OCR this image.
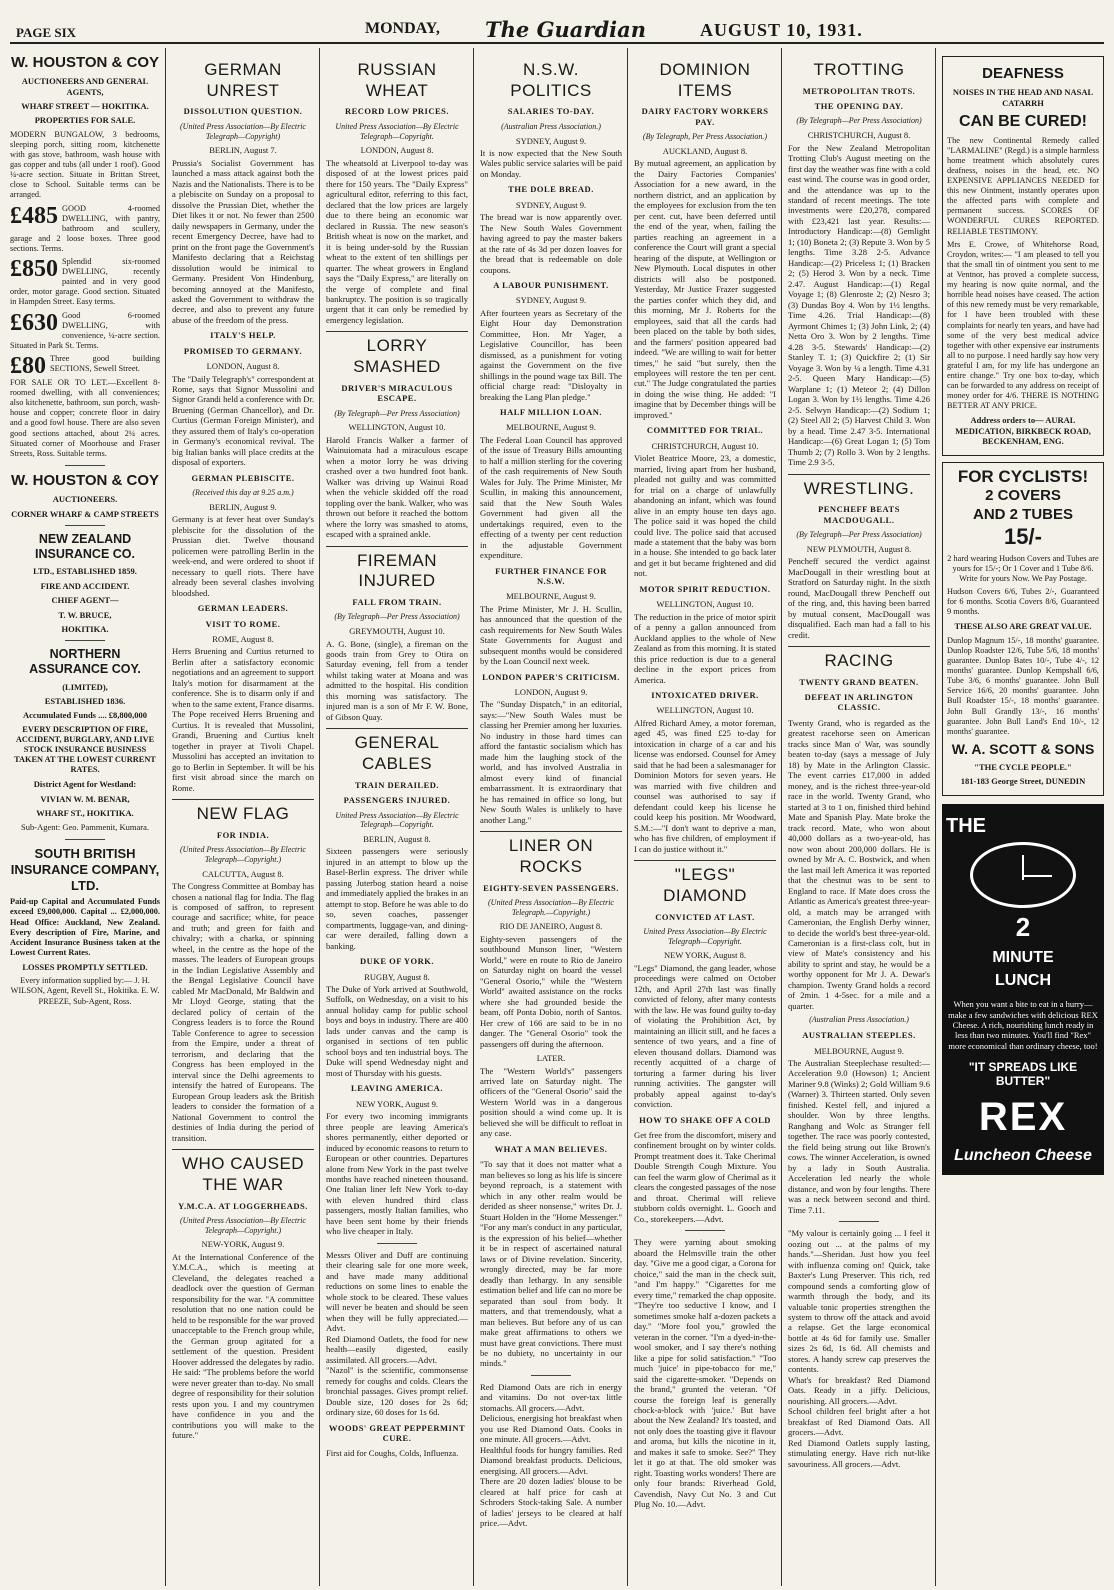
PAGE SIX	MONDAY, The Guardian	AUGUST 10, 1931.
W. HOUSTON & COY
AUCTIONEERS AND GENERAL AGENTS,
WHARF STREET — HOKITIKA.
PROPERTIES FOR SALE.

MODERN BUNGALOW, 3 bedrooms, sleeping porch, sitting room, kitchenette with gas stove, bathroom, wash house with gas copper and tubs (all under 1 roof). Good ¼-acre section. Situate in Brittan Street, close to School. Suitable terms can be arranged.

£485 GOOD 4-roomed DWELLING, with pantry, bathroom and scullery, garage and 2 loose boxes. Three good sections. Terms.

£850 Splendid six-roomed DWELLING, recently painted and in very good order, motor garage. Good section. Situated in Hampden Street. Easy terms.

£630 Good 6-roomed DWELLING, with convenience, ¼-acre section. Situated in Park St. Terms.

£80 Three good building SECTIONS, Sewell Street.

FOR SALE OR TO LET.—Excellent 8-roomed dwelling, with all conveniences; also kitchenette, bathroom, sun porch, wash-house and copper; concrete floor in dairy and a good fowl house. There are also seven good sections attached, about 2¼ acres. Situated corner of Moorhouse and Fraser Streets, Ross. Suitable terms.

W. HOUSTON & COY
AUCTIONEERS.
CORNER WHARF & CAMP STREETS
NEW ZEALAND INSURANCE CO.
LTD., ESTABLISHED 1859.
FIRE AND ACCIDENT.
CHIEF AGENT—
T. W. BRUCE,
HOKITIKA.
NORTHERN ASSURANCE COY.
(LIMITED),
ESTABLISHED 1836.
Accumulated Funds .... £8,800,000

EVERY DESCRIPTION OF FIRE, ACCIDENT, BURGLARY, AND LIVE STOCK INSURANCE BUSINESS TAKEN AT THE LOWEST CURRENT RATES.

District Agent for Westland:
VIVIAN W. M. BENAR,
WHARF ST., HOKITIKA.
Sub-Agent: Geo. Pammenit, Kumara.
SOUTH BRITISH INSURANCE COMPANY, LTD.

Paid-up Capital and Accumulated Funds exceed £9,000,000. Capital ... £2,000,000. Head Office: Auckland, New Zealand. Every description of Fire, Marine, and Accident Insurance Business taken at the Lowest Current Rates.

LOSSES PROMPTLY SETTLED.

Every information supplied by:— J. H. WILSON, Agent, Revell St., Hokitika. E. W. PREEZE, Sub-Agent, Ross.

GERMAN UNREST
DISSOLUTION QUESTION.
(United Press Association—By Electric Telegraph—Copyright)
BERLIN, August 7.

Prussia's Socialist Government has launched a mass attack against both the Nazis and the Nationalists. There is to be a plebiscite on Sunday on a proposal to dissolve the Prussian Diet, whether the Diet likes it or not. No fewer than 2500 daily newspapers in Germany, under the recent Emergency Decree, have had to print on the front page the Government's Manifesto declaring that a Reichstag dissolution would be inimical to Germany. President Von Hindenburg, becoming annoyed at the Manifesto, asked the Government to withdraw the decree, and also to prevent any future abuse of the freedom of the press.

ITALY'S HELP.
PROMISED TO GERMANY.
LONDON, August 8.

The "Daily Telegraph's" correspondent at Rome, says that Signor Mussolini and Signor Grandi held a conference with Dr. Bruening (German Chancellor), and Dr. Curtius (German Foreign Minister), and they assured them of Italy's co-operation in Germany's economical revival. The big Italian banks will place credits at the disposal of exporters.

GERMAN PLEBISCITE.
(Received this day at 9.25 a.m.)
BERLIN, August 9.

Germany is at fever heat over Sunday's plebiscite for the dissolution of the Prussian diet. Twelve thousand policemen were patrolling Berlin in the week-end, and were ordered to shoot if necessary to quell riots. There have already been several clashes involving bloodshed.

GERMAN LEADERS.
VISIT TO ROME.
ROME, August 8.

Herrs Bruening and Curtius returned to Berlin after a satisfactory economic negotiations and an agreement to support Italy's motion for disarmament at the conference. She is to disarm only if and when to the same extent, France disarms. The Pope received Herrs Bruening and Curtius. It is revealed that Mussolini, Grandi, Bruening and Curtius knelt together in prayer at Tivoli Chapel. Mussolini has accepted an invitation to go to Berlin in September. It will be his first visit abroad since the march on Rome.

NEW FLAG
FOR INDIA.
(United Press Association—By Electric Telegraph—Copyright.)
CALCUTTA, August 8.

The Congress Committee at Bombay has chosen a national flag for India. The flag is composed of saffron, to represent courage and sacrifice; white, for peace and truth; and green for faith and chivalry; with a charka, or spinning wheel, in the centre as the hope of the masses. The leaders of European groups in the Indian Legislative Assembly and the Bengal Legislative Council have cabled Mr MacDonald, Mr Baldwin and Mr Lloyd George, stating that the declared policy of certain of the Congress leaders is to force the Round Table Conference to agree to secession from the Empire, under a threat of terrorism, and declaring that the Congress has been employed in the interval since the Delhi agreements to intensify the hatred of Europeans. The European Group leaders ask the British leaders to consider the formation of a National Government to control the destinies of India during the period of transition.

WHO CAUSED THE WAR
Y.M.C.A. AT LOGGERHEADS.
(United Press Association—By Electric Telegraph—Copyright.)
NEW-YORK, August 9.

At the International Conference of the Y.M.C.A., which is meeting at Cleveland, the delegates reached a deadlock over the question of German responsibility for the war. "A committee resolution that no one nation could be held to be responsible for the war proved unacceptable to the French group while, the German group agitated for a settlement of the question. President Hoover addressed the delegates by radio. He said: "The problems before the world were never greater than to-day. No small degree of responsibility for their solution rests upon you. I and my countrymen have confidence in you and the contributions you will make to the future."

RUSSIAN WHEAT
RECORD LOW PRICES.
United Press Association—By Electric Telegraph—Copyright.
LONDON, August 8.

The wheatsold at Liverpool to-day was disposed of at the lowest prices paid there for 150 years. The "Daily Express" agricultural editor, referring to this fact, declared that the low prices are largely due to there being an economic war declared in Russia. The new season's British wheat is now on the market, and it is being under-sold by the Russian wheat to the extent of ten shillings per quarter. The wheat growers in England says the "Daily Express," are literally on the verge of complete and final bankruptcy. The position is so tragically urgent that it can only be remedied by emergency legislation.

LORRY SMASHED
DRIVER'S MIRACULOUS ESCAPE.
(By Telegraph—Per Press Association)
WELLINGTON, August 10.

Harold Francis Walker a farmer of Wainuiomata had a miraculous escape when a motor lorry he was driving crashed over a two hundred foot bank. Walker was driving up Wainui Road when the vehicle skidded off the road toppling over the bank. Walker, who was thrown out before it reached the bottom where the lorry was smashed to atoms, escaped with a sprained ankle.

FIREMAN INJURED
FALL FROM TRAIN.
(By Telegraph—Per Press Association)
GREYMOUTH, August 10.

A. G. Bone, (single), a fireman on the goods train from Grey to Otira on Saturday evening, fell from a tender whilst taking water at Moana and was admitted to the hospital. His condition this morning was satisfactory. The injured man is a son of Mr F. W. Bone, of Gibson Quay.

GENERAL CABLES
TRAIN DERAILED.
PASSENGERS INJURED.
United Press Association—By Electric Telegraph—Copyright.
BERLIN, August 8.

Sixteen passengers were seriously injured in an attempt to blow up the Basel-Berlin express. The driver while passing Juterbog station heard a noise and immediately applied the brakes in an attempt to stop. Before he was able to do so, seven coaches, passenger compartments, luggage-van, and dining-car were derailed, falling down a banking.

DUKE OF YORK.
RUGBY, August 8.

The Duke of York arrived at Southwold, Suffolk, on Wednesday, on a visit to his annual holiday camp for public school boys and boys in industry. There are 400 lads under canvas and the camp is organised in sections of ten public school boys and ten industrial boys. The Duke will spend Wednesday night and most of Thursday with his guests.

LEAVING AMERICA.
NEW YORK, August 9.

For every two incoming immigrants three people are leaving America's shores permanently, either deported or induced by economic reasons to return to European or other countries. Departures alone from New York in the past twelve months have reached nineteen thousand. One Italian liner left New York to-day with eleven hundred third class passengers, mostly Italian families, who have been sent home by their friends who live cheaper in Italy.

Messrs Oliver and Duff are continuing their clearing sale for one more week, and have made many additional reductions on some lines to enable the whole stock to be cleared. These values will never be beaten and should be seen when they will be fully appreciated.—Advt.

Red Diamond Oatlets, the food for new health—easily digested, easily assimilated. All grocers.—Advt.

"Nazol" is the scientific, commonsense remedy for coughs and colds. Clears the bronchial passages. Gives prompt relief. Double size, 120 doses for 2s 6d; ordinary size, 60 doses for 1s 6d.

WOODS' GREAT PEPPERMINT CURE.

First aid for Coughs, Colds, Influenza.

N.S.W. POLITICS
SALARIES TO-DAY.
(Australian Press Association.)
SYDNEY, August 9.

It is now expected that the New South Wales public service salaries will be paid on Monday.

THE DOLE BREAD.
SYDNEY, August 9.

The bread war is now apparently over. The New South Wales Government having agreed to pay the master bakers at the rate of 4s 3d per dozen loaves for the bread that is redeemable on dole coupons.

A LABOUR PUNISHMENT.
SYDNEY, August 9.

After fourteen years as Secretary of the Eight Hour day Demonstration Committee, Hon. Mr Yager, a Legislative Councillor, has been dismissed, as a punishment for voting against the Government on the five shillings in the pound wage tax Bill. The official charge read: "Disloyalty in breaking the Lang Plan pledge."

HALF MILLION LOAN.
MELBOURNE, August 9.

The Federal Loan Council has approved of the issue of Treasury Bills amounting to half a million sterling for the covering of the cash requirements of New South Wales for July. The Prime Minister, Mr Scullin, in making this announcement, said that the New South Wales Government had given all the undertakings required, even to the effecting of a twenty per cent reduction in the adjustable Government expenditure.

FURTHER FINANCE FOR N.S.W.
MELBOURNE, August 9.

The Prime Minister, Mr J. H. Scullin, has announced that the question of the cash requirements for New South Wales State Governments for August and subsequent months would be considered by the Loan Council next week.

LONDON PAPER'S CRITICISM.
LONDON, August 9.

The "Sunday Dispatch," in an editorial, says:—"New South Wales must be classing her Premier among her luxuries. No industry in those hard times can afford the fantastic socialism which has made him the laughing stock of the world, and has involved Australia in almost every kind of financial embarrassment. It is extraordinary that he has remained in office so long, but New South Wales is unlikely to have another Lang."

LINER ON ROCKS
EIGHTY-SEVEN PASSENGERS.
(United Press Association—By Electric Telegraph.—Copyright.)
RIO DE JANEIRO, August 8.

Eighty-seven passengers of the southbound Munson liner, "Western World," were en route to Rio de Janeiro on Saturday night on board the vessel "General Osorio," while the "Western World" awaited assistance on the rocks where she had grounded beside the beam, off Ponta Dobio, north of Santos. Her crew of 166 are said to be in no danger. The "General Osorio" took the passengers off during the afternoon.

LATER.

The "Western World's" passengers arrived late on Saturday night. The officers of the "General Osorio" said the Western World was in a dangerous position should a wind come up. It is believed she will be difficult to refloat in any case.

WHAT A MAN BELIEVES.

"To say that it does not matter what a man believes so long as his life is sincere beyond reproach, is a statement with which in any other realm would be derided as sheer nonsense," writes Dr. J. Stuart Holden in the "Home Messenger." "For any man's conduct in any particular, is the expression of his belief—whether it be in respect of ascertained natural laws or of Divine revelation. Sincerity, wrongly directed, may be far more deadly than lethargy. In any sensible estimation belief and life can no more be separated than soul from body. It matters, and that tremendously, what a man believes. But before any of us can make great affirmations to others we must have great convictions. There must be no dubiety, no uncertainty in our minds."

Red Diamond Oats are rich in energy and vitamins. Do not over-tax little stomachs. All grocers.—Advt.

Delicious, energising hot breakfast when you use Red Diamond Oats. Cooks in one minute. All grocers.—Advt.

Healthful foods for hungry families. Red Diamond breakfast products. Delicious, energising. All grocers.—Advt.

There are 20 dozen ladies' blouse to be cleared at half price for cash at Schroders Stock-taking Sale. A number of ladies' jerseys to be cleared at half price.—Advt.

DOMINION ITEMS
DAIRY FACTORY WORKERS PAY.
(By Telegraph, Per Press Association.)
AUCKLAND, August 8.

By mutual agreement, an application by the Dairy Factories Companies' Association for a new award, in the northern district, and an application by the employees for exclusion from the ten per cent. cut, have been deferred until the end of the year, when, failing the parties reaching an agreement in a conference the Court will grant a special hearing of the dispute, at Wellington or New Plymouth. Local disputes in other districts will also be postponed. Yesterday, Mr Justice Frazer suggested the parties confer which they did, and this morning, Mr J. Roberts for the employees, said that all the cards had been placed on the table by both sides, and the farmers' position appeared bad indeed. "We are willing to wait for better times," he said "but surely, then the employees will restore the ten per cent. cut." The Judge congratulated the parties in doing the wise thing. He added: "I imagine that by December things will be improved."

COMMITTED FOR TRIAL.
CHRISTCHURCH, August 10.

Violet Beatrice Moore, 23, a domestic, married, living apart from her husband, pleaded not guilty and was committed for trial on a charge of unlawfully abandoning an infant, which was found alive in an empty house ten days ago. The police said it was hoped the child could live. The police said that accused made a statement that the baby was born in a house. She intended to go back later and get it but became frightened and did not.

MOTOR SPIRIT REDUCTION.
WELLINGTON, August 10.

The reduction in the price of motor spirit of a penny a gallon announced from Auckland applies to the whole of New Zealand as from this morning. It is stated this price reduction is due to a general decline in the export prices from America.

INTOXICATED DRIVER.
WELLINGTON, August 10.

Alfred Richard Amey, a motor foreman, aged 45, was fined £25 to-day for intoxication in charge of a car and his license was endorsed. Counsel for Amey said that he had been a salesmanager for Dominion Motors for seven years. He was married with five children and counsel was authorised to say if defendant could keep his license he could keep his position. Mr Woodward, S.M.:—"I don't want to deprive a man, who has five children, of employment if I can do justice without it."

"LEGS" DIAMOND
CONVICTED AT LAST.
United Press Association—By Electric Telegraph—Copyright.
NEW YORK, August 8.

"Legs" Diamond, the gang leader, whose proceedings were calmed on October 12th, and April 27th last was finally convicted of felony, after many contests with the law. He was found guilty to-day of violating the Prohibition Act, by maintaining an illicit still, and he faces a sentence of two years, and a fine of eleven thousand dollars. Diamond was recently acquitted of a charge of torturing a farmer during his liver running activities. The gangster will probably appeal against to-day's conviction.

HOW TO SHAKE OFF A COLD

Get free from the discomfort, misery and confinement brought on by winter colds. Prompt treatment does it. Take Cherimal Double Strength Cough Mixture. You can feel the warm glow of Cherimal as it clears the congested passages of the nose and throat. Cherimal will relieve stubborn colds overnight. L. Gooch and Co., storekeepers.—Advt.

They were yarning about smoking aboard the Helmsville train the other day. "Give me a good cigar, a Corona for choice," said the man in the check suit, "and I'm happy." "Cigarettes for me every time," remarked the chap opposite. "They're too seductive I know, and I sometimes smoke half a-dozen packets a day." "More fool you," growled the veteran in the corner. "I'm a dyed-in-the-wool smoker, and I say there's nothing like a pipe for solid satisfaction." "Too much 'juice' in pipe-tobacco for me," said the cigarette-smoker. "Depends on the brand," grunted the veteran. "Of course the foreign leaf is generally chock-a-block with 'juice.' But have about the New Zealand? It's toasted, and not only does the toasting give it flavour and aroma, but kills the nicotine in it, and makes it safe to smoke. See?" They let it go at that. The old smoker was right. Toasting works wonders! There are only four brands: Riverhead Gold, Cavendish, Navy Cut No. 3 and Cut Plug No. 10.—Advt.

TROTTING
METROPOLITAN TROTS.
THE OPENING DAY.
(By Telegraph—Per Press Association)
CHRISTCHURCH, August 8.

For the New Zealand Metropolitan Trotting Club's August meeting on the first day the weather was fine with a cold east wind. The course was in good order, and the attendance was up to the standard of recent meetings. The tote investments were £20,278, compared with £23,421 last year. Results:— Introductory Handicap:—(8) Gemlight 1; (10) Boneta 2; (3) Repute 3. Won by 5 lengths. Time 3.28 2-5. Advance Handicap:—(2) Priceless 1; (1) Bracken 2; (5) Herod 3. Won by a neck. Time 2.47. August Handicap:—(1) Regal Voyage 1; (8) Glenroste 2; (2) Nesro 3; (3) Dundas Boy 4. Won by 1½ lengths. Time 4.26. Trial Handicap:—(8) Ayrmont Chimes 1; (3) John Link, 2; (4) Netta Oro 3. Won by 2 lengths. Time 4.28 3-5. Stewards' Handicap:—(2) Stanley T. 1; (3) Quickfire 2; (1) Sir Voyage 3. Won by ¼ a length. Time 4.31 2-5. Queen Mary Handicap:—(5) Warplane 1; (1) Meteor 2; (4) Dillon Logan 3. Won by 1½ lengths. Time 4.26 2-5. Selwyn Handicap:—(2) Sodium 1; (2) Steel All 2; (5) Harvest Child 3. Won by a head. Time 2.47 3-5. International Handicap:—(6) Great Logan 1; (5) Tom Thumb 2; (7) Rollo 3. Won by 2 lengths. Time 2.9 3-5.

WRESTLING.
PENCHEFF BEATS MACDOUGALL.
(By Telegraph—Per Press Association)
NEW PLYMOUTH, August 8.

Pencheff secured the verdict against MacDougall in their wrestling bout at Stratford on Saturday night. In the sixth round, MacDougall threw Pencheff out of the ring, and, this having been barred by mutual consent, MacDougall was disqualified. Each man had a fall to his credit.

RACING
TWENTY GRAND BEATEN.
DEFEAT IN ARLINGTON CLASSIC.

Twenty Grand, who is regarded as the greatest racehorse seen on American tracks since Man o' War, was soundly beaten to-day (says a message of July 18) by Mate in the Arlington Classic. The event carries £17,000 in added money, and is the richest three-year-old race in the world. Twenty Grand, who started at 3 to 1 on, finished third behind Mate and Spanish Play. Mate broke the track record. Mate, who won about 40,000 dollars as a two-year-old, has now won about 200,000 dollars. He is owned by Mr A. C. Bostwick, and when the last mail left America it was reported that the chestnut was to be sent to England to race. If Mate does cross the Atlantic as America's greatest three-year-old, a match may be arranged with Cameronian, the English Derby winner, to decide the world's best three-year-old. Cameronian is a first-class colt, but in view of Mate's consistency and his ability to sprint and stay, he would be a worthy opponent for Mr J. A. Dewar's champion. Twenty Grand holds a record of 2min. 1 4-5sec. for a mile and a quarter.

(Australian Press Association.)
AUSTRALIAN STEEPLES.
MELBOURNE, August 9.

The Australian Steeplechase resulted:—Acceleration 9.0 (Howson) 1; Ancient Mariner 9.8 (Winks) 2; Gold William 9.6 (Warner) 3. Thirteen started. Only seven finished. Kestel fell, and injured a shoulder. Won by three lengths. Ranghang and Wolc as Stranger fell together. The race was poorly contested, the field being strung out like Brown's cows. The winner Acceleration, is owned by a lady in South Australia. Acceleration led nearly the whole distance, and won by four lengths. There was a neck between second and third. Time 7.11.

"My valour is certainly going ... I feel it oozing out ... at the palms of my hands."—Sheridan. Just how you feel with influenza coming on! Quick, take Baxter's Lung Preserver. This rich, red compound sends a comforting glow of warmth through the body, and its valuable tonic properties strengthen the system to throw off the attack and avoid a relapse. Get the large economical bottle at 4s 6d for family use. Smaller sizes 2s 6d, 1s 6d. All chemists and stores. A handy screw cap preserves the contents.

What's for breakfast? Red Diamond Oats. Ready in a jiffy. Delicious, nourishing. All grocers.—Advt.

School children feel bright after a hot breakfast of Red Diamond Oats. All grocers.—Advt.

Red Diamond Oatlets supply lasting, stimulating energy. Have rich nut-like savouriness. All grocers.—Advt.

DEAFNESS
NOISES IN THE HEAD AND NASAL CATARRH
CAN BE CURED!

The new Continental Remedy called "LARMALINE" (Regd.) is a simple harmless home treatment which absolutely cures deafness, noises in the head, etc. NO EXPENSIVE APPLIANCES NEEDED for this new Ointment, instantly operates upon the affected parts with complete and permanent success. SCORES OF WONDERFUL CURES REPORTED. RELIABLE TESTIMONY.

Mrs E. Crowe, of Whitehorse Road, Croydon, writes:— "I am pleased to tell you that the small tin of ointment you sent to me at Ventnor, has proved a complete success, my hearing is now quite normal, and the horrible head noises have ceased. The action of this new remedy must be very remarkable, for I have been troubled with these complaints for nearly ten years, and have had some of the very best medical advice together with other expensive ear instruments all to no purpose. I need hardly say how very grateful I am, for my life has undergone an entire change." Try one box to-day, which can be forwarded to any address on receipt of money order for 4/6. THERE IS NOTHING BETTER AT ANY PRICE.

Address orders to— AURAL MEDICATION, BIRKBECK ROAD, BECKENHAM, ENG.
FOR CYCLISTS!
2 COVERS
AND 2 TUBES
15/-

2 hard wearing Hudson Covers and Tubes are yours for 15/-; Or 1 Cover and 1 Tube 8/6. Write for yours Now. We Pay Postage.

Hudson Covers 6/6, Tubes 2/-, Guaranteed for 6 months. Scotia Covers 8/6, Guaranteed 9 months.

THESE ALSO ARE GREAT VALUE.

Dunlop Magnum 15/-, 18 months' guarantee. Dunlop Roadster 12/6, Tube 5/6, 18 months' guarantee. Dunlop Bates 10/-, Tube 4/-, 12 months' guarantee. Dunlop Kempshall 6/6, Tube 3/6, 6 months' guarantee. John Bull Service 16/6, 20 months' guarantee. John Bull Roadster 15/-, 18 months' guarantee. John Bull Grandly 13/-, 16 months' guarantee. John Bull Land's End 10/-, 12 months' guarantee.

W. A. SCOTT & SONS
"THE CYCLE PEOPLE."
181-183 George Street, DUNEDIN
THE
2
MINUTE
LUNCH

When you want a bite to eat in a hurry—make a few sandwiches with delicious REX Cheese. A rich, nourishing lunch ready in less than two minutes. You'll find "Rex" more economical than ordinary cheese, too!

"IT SPREADS LIKE BUTTER"
REX
Luncheon Cheese
